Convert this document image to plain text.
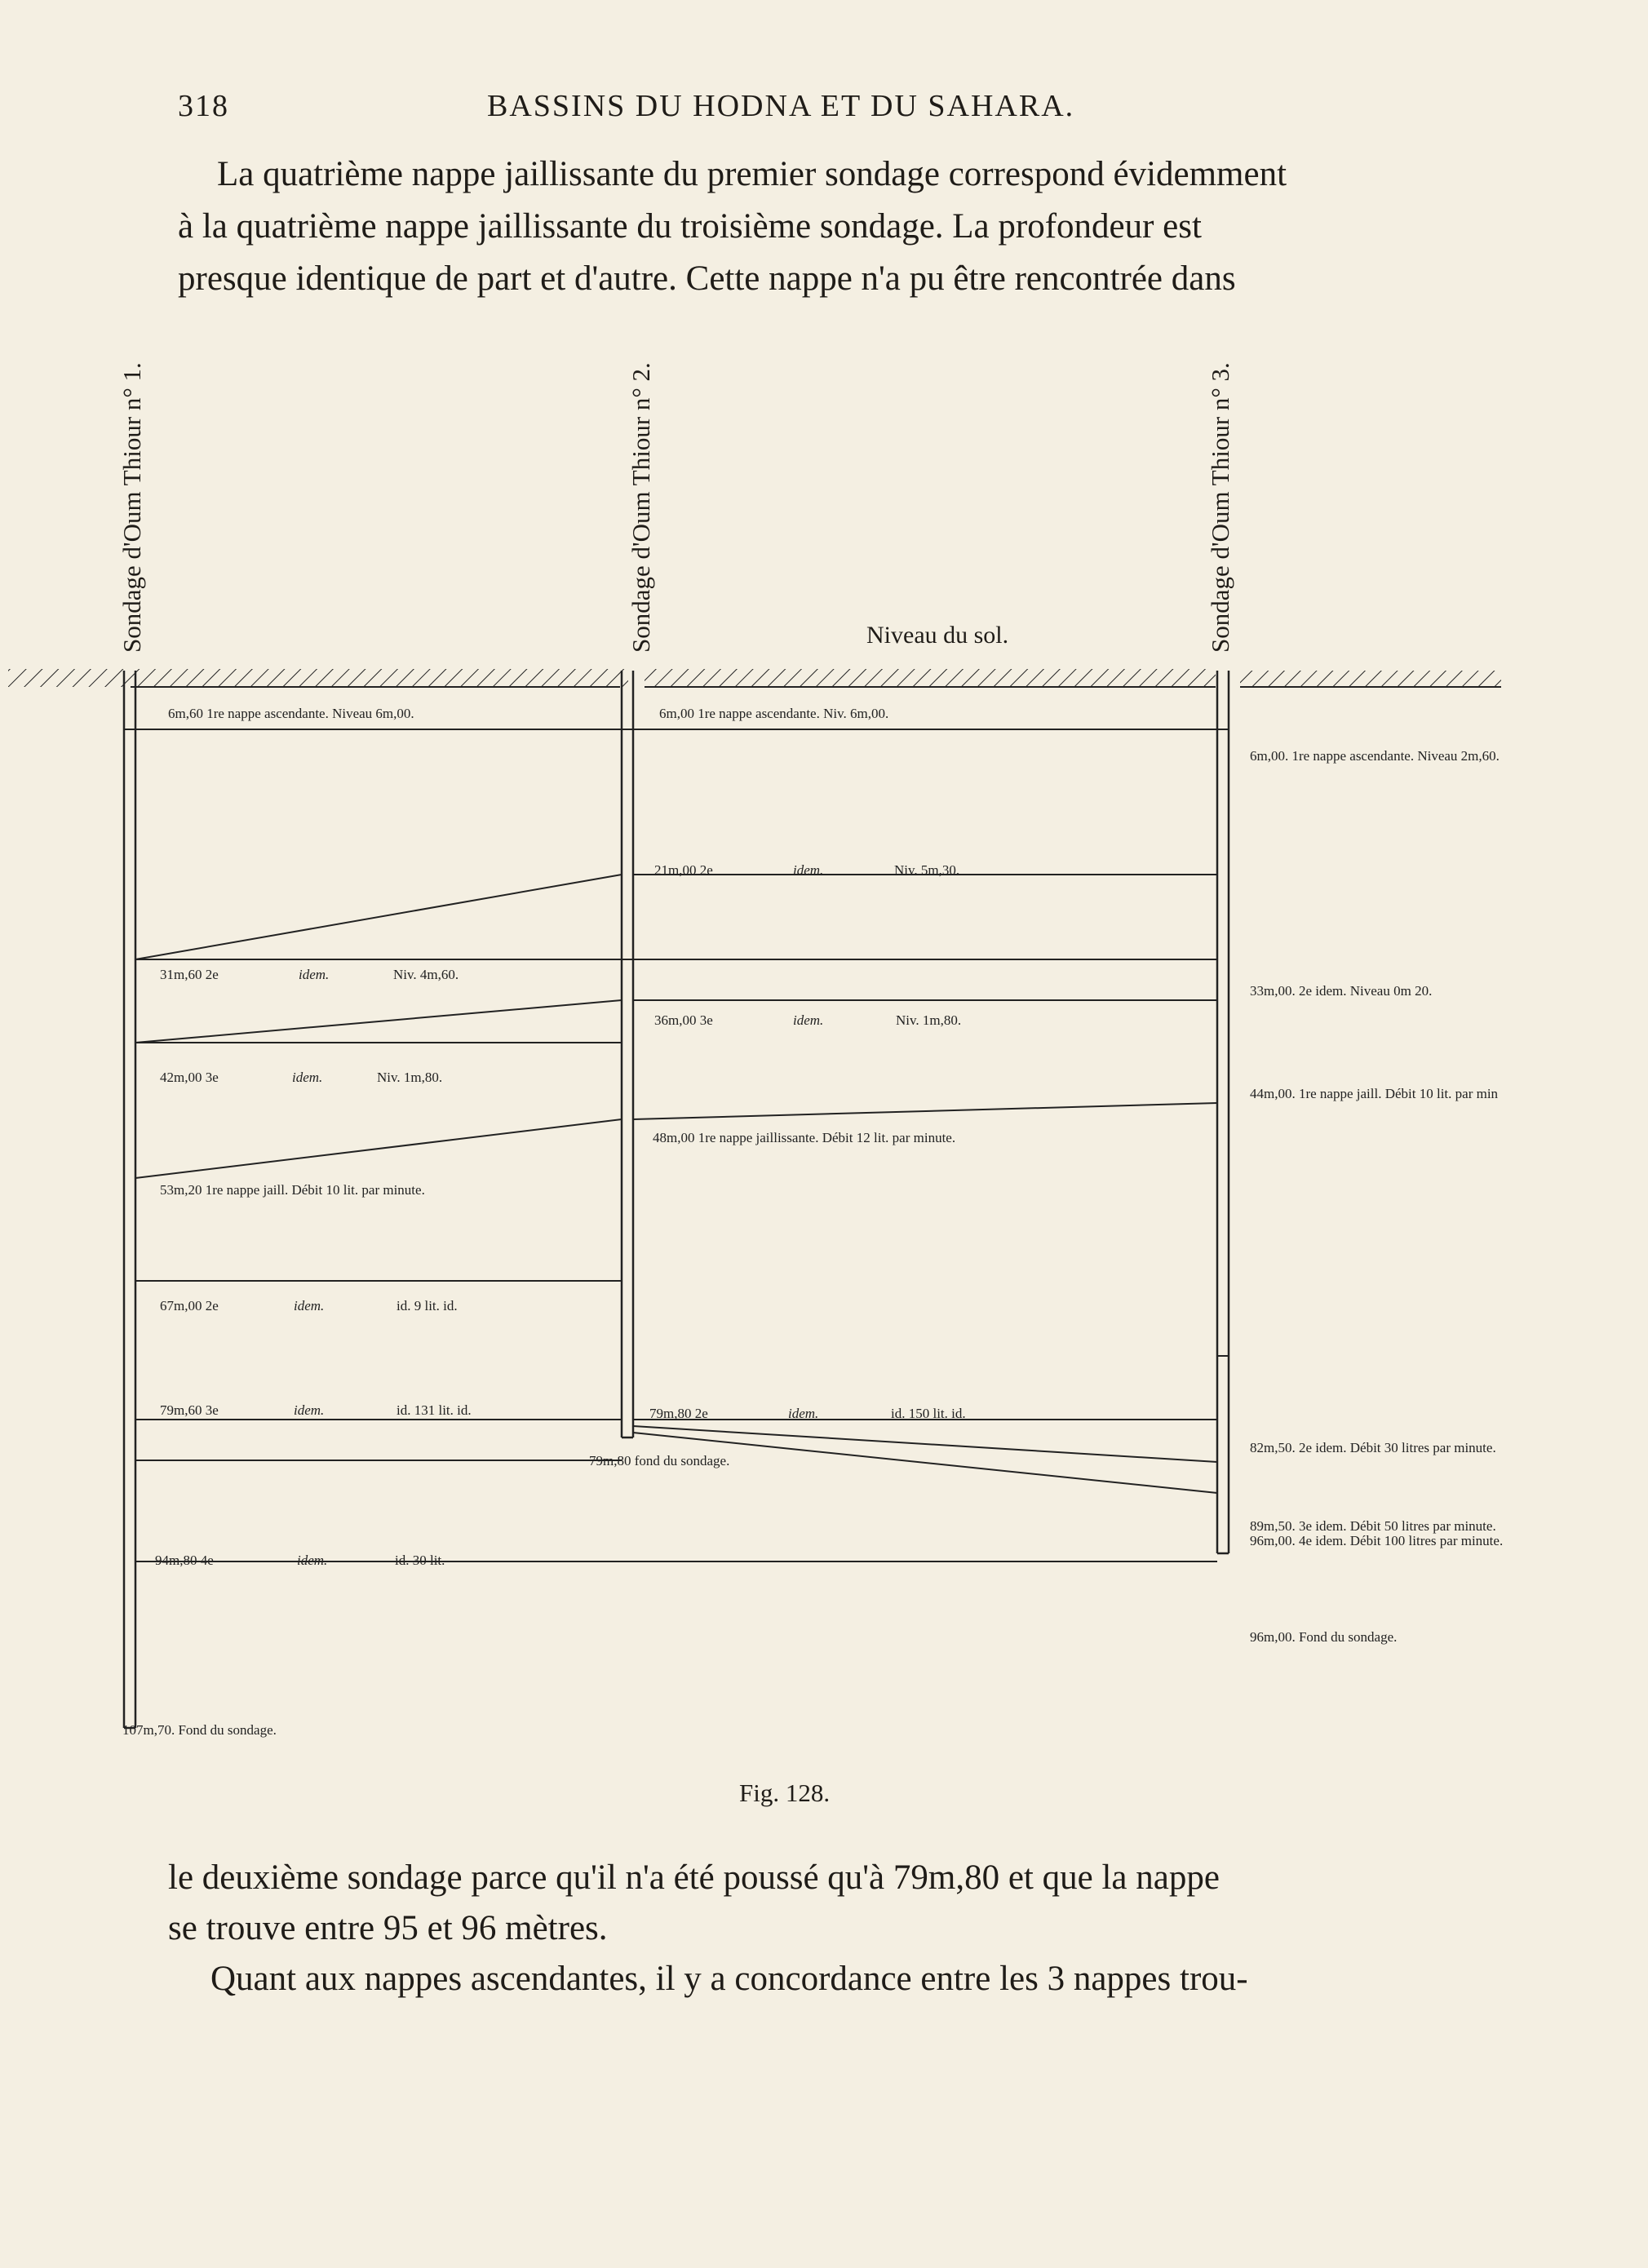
318	BASSINS DU HODNA ET DU SAHARA.
La quatrième nappe jaillissante du premier sondage correspond évidemment
à la quatrième nappe jaillissante du troisième sondage. La profondeur est
presque identique de part et d'autre. Cette nappe n'a pu être rencontrée dans
Sondage d'Oum Thiour n° 1.	Sondage d'Oum Thiour n° 2.	Sondage d'Oum Thiour n° 3.
Niveau du sol.
6m,60 1re nappe ascendante. Niveau 6m,00.
31m,60 2e	idem.	Niv. 4m,60.
42m,00 3e	idem.	Niv. 1m,80.
53m,20 1re nappe jaill. Débit 10 lit. par minute.
67m,00 2e	idem.	id. 9 lit. id.
79m,60 3e	idem.	id. 131 lit. id.
94m,80 4e	idem.	id. 30 lit.
107m,70. Fond du sondage.
6m,00 1re nappe ascendante. Niv. 6m,00.
21m,00 2e	idem.	Niv. 5m,30.
36m,00 3e	idem.	Niv. 1m,80.
48m,00 1re nappe jaillissante. Débit 12 lit. par minute.
79m,80 2e	idem.	id. 150 lit. id.
79m,80 fond du sondage.
6m,00. 1re nappe ascendante. Niveau 2m,60.
33m,00. 2e idem. Niveau 0m 20.
44m,00. 1re nappe jaill. Débit 10 lit. par min
82m,50. 2e idem. Débit 30 litres par minute.
89m,50. 3e idem. Débit 50 litres par minute.
96m,00. 4e idem. Débit 100 litres par minute.
96m,00. Fond du sondage.
Fig. 128.
le deuxième sondage parce qu'il n'a été poussé qu'à 79m,80 et que la nappe
se trouve entre 95 et 96 mètres.
Quant aux nappes ascendantes, il y a concordance entre les 3 nappes trou-
